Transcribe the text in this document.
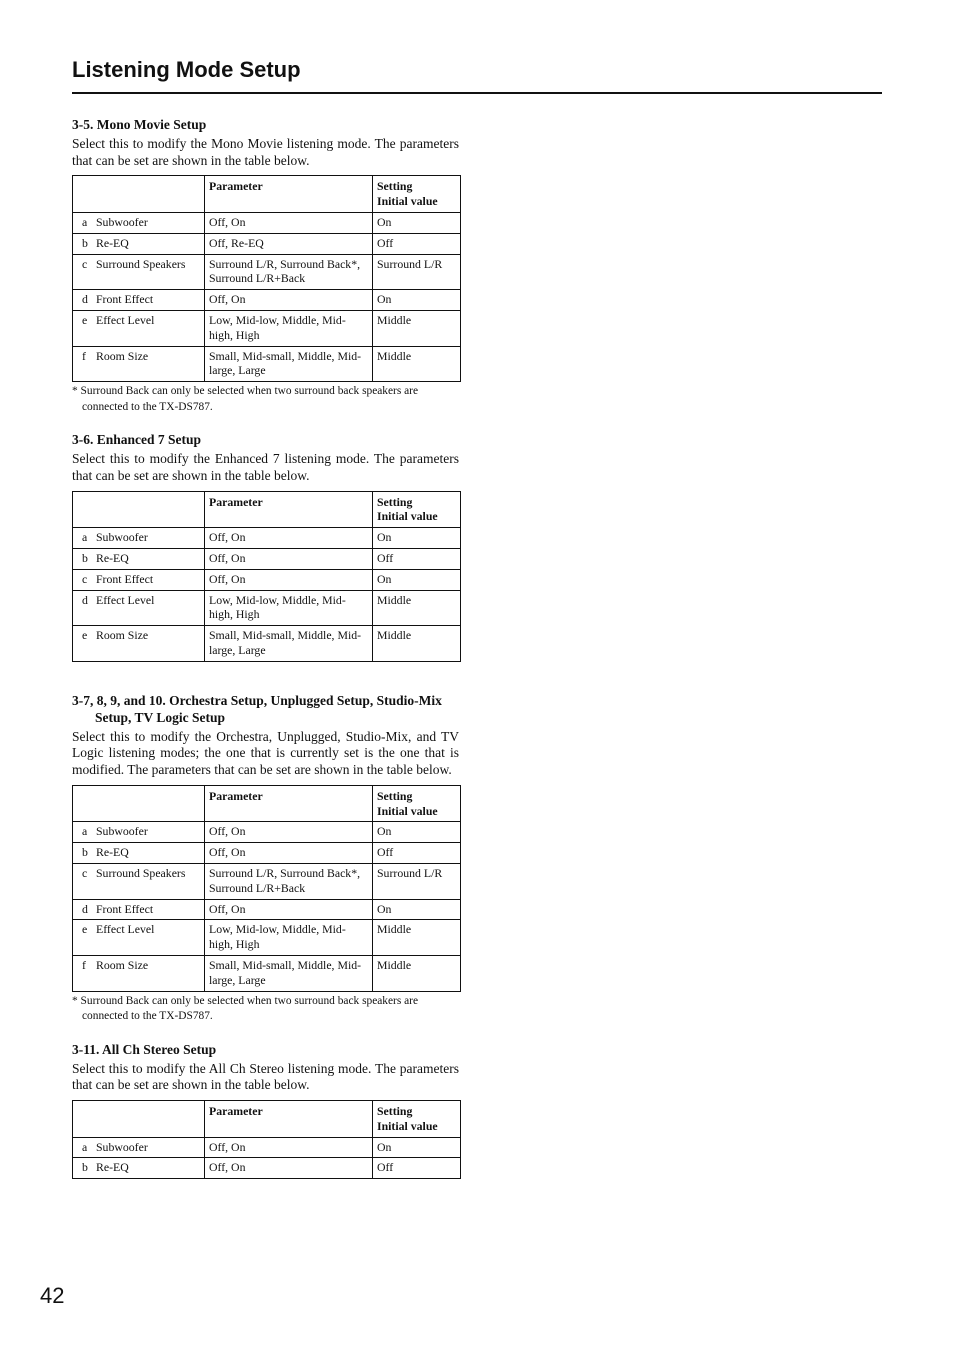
Listening Mode Setup
3-5. Mono Movie Setup

Select this to modify the Mono Movie listening mode. The parameters that can be set are shown in the table below.

	Parameter	Setting
Initial value
a Subwoofer	Off, On	On
b Re-EQ	Off, Re-EQ	Off
c Surround Speakers	Surround L/R, Surround Back*, Surround L/R+Back	Surround L/R
d Front Effect	Off, On	On
e Effect Level	Low, Mid-low, Middle, Mid-high, High	Middle
f Room Size	Small, Mid-small, Middle, Mid-large, Large	Middle

* Surround Back can only be selected when two surround back speakers are connected to the TX-DS787.

3-6. Enhanced 7 Setup

Select this to modify the Enhanced 7 listening mode. The parameters that can be set are shown in the table below.

	Parameter	Setting
Initial value
a Subwoofer	Off, On	On
b Re-EQ	Off, On	Off
c Front Effect	Off, On	On
d Effect Level	Low, Mid-low, Middle, Mid-high, High	Middle
e Room Size	Small, Mid-small, Middle, Mid-large, Large	Middle
3-7, 8, 9, and 10. Orchestra Setup, Unplugged Setup, Studio-Mix Setup, TV Logic Setup

Select this to modify the Orchestra, Unplugged, Studio-Mix, and TV Logic listening modes; the one that is currently set is the one that is modified. The parameters that can be set are shown in the table below.

	Parameter	Setting
Initial value
a Subwoofer	Off, On	On
b Re-EQ	Off, On	Off
c Surround Speakers	Surround L/R, Surround Back*, Surround L/R+Back	Surround L/R
d Front Effect	Off, On	On
e Effect Level	Low, Mid-low, Middle, Mid-high, High	Middle
f Room Size	Small, Mid-small, Middle, Mid-large, Large	Middle

* Surround Back can only be selected when two surround back speakers are connected to the TX-DS787.

3-11. All Ch Stereo Setup

Select this to modify the All Ch Stereo listening mode. The parameters that can be set are shown in the table below.

	Parameter	Setting
Initial value
a Subwoofer	Off, On	On
b Re-EQ	Off, On	Off
42
